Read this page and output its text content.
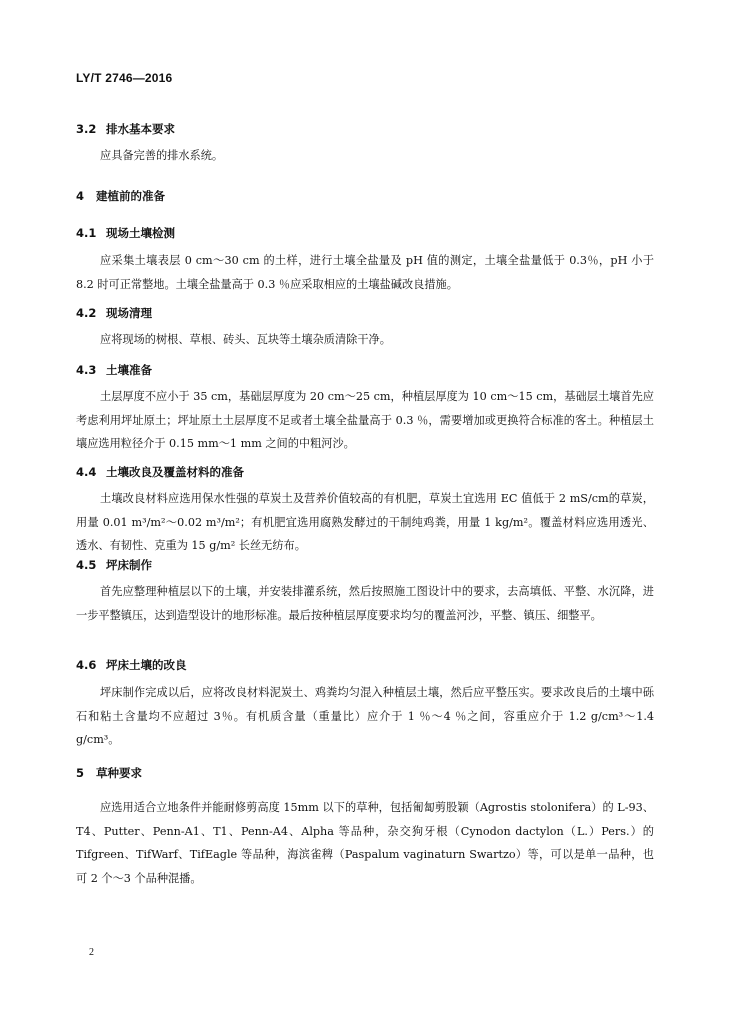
LY/T 2746—2016
3.2 排水基本要求

应具备完善的排水系统。

4 建植前的准备
4.1 现场土壤检测

应采集土壤表层 0 cm～30 cm 的土样，进行土壤全盐量及 pH 值的测定，土壤全盐量低于 0.3％，pH 小于 8.2 时可正常整地。土壤全盐量高于 0.3 ％应采取相应的土壤盐碱改良措施。

4.2 现场清理

应将现场的树根、草根、砖头、瓦块等土壤杂质清除干净。

4.3 土壤准备

土层厚度不应小于 35 cm，基础层厚度为 20 cm～25 cm，种植层厚度为 10 cm～15 cm，基础层土壤首先应考虑利用坪址原土；坪址原土土层厚度不足或者土壤全盐量高于 0.3 ％，需要增加或更换符合标准的客土。种植层土壤应选用粒径介于 0.15 mm～1 mm 之间的中粗河沙。

4.4 土壤改良及覆盖材料的准备

土壤改良材料应选用保水性强的草炭土及营养价值较高的有机肥，草炭土宜选用 EC 值低于 2 mS/cm的草炭，用量 0.01 m³/m²～0.02 m³/m²；有机肥宜选用腐熟发酵过的干制纯鸡粪，用量 1 kg/m²。覆盖材料应选用透光、透水、有韧性、克重为 15 g/m² 长丝无纺布。

4.5 坪床制作

首先应整理种植层以下的土壤，并安装排灌系统，然后按照施工图设计中的要求，去高填低、平整、水沉降，进一步平整镇压，达到造型设计的地形标准。最后按种植层厚度要求均匀的覆盖河沙，平整、镇压、细整平。

4.6 坪床土壤的改良

坪床制作完成以后，应将改良材料泥炭土、鸡粪均匀混入种植层土壤，然后应平整压实。要求改良后的土壤中砾石和粘土含量均不应超过 3％。有机质含量（重量比）应介于 1 ％～4 ％之间，容重应介于 1.2 g/cm³～1.4 g/cm³。

5 草种要求

应选用适合立地条件并能耐修剪高度 15mm 以下的草种，包括匍匐剪股颖（Agrostis stolonifera）的 L-93、T4、Putter、Penn-A1、T1、Penn-A4、Alpha 等品种，杂交狗牙根（Cynodon dactylon（L.）Pers.）的 Tifgreen、TifWarf、TifEagle 等品种，海滨雀稗（Paspalum vaginaturn Swartzo）等，可以是单一品种，也可 2 个～3 个品种混播。

2
